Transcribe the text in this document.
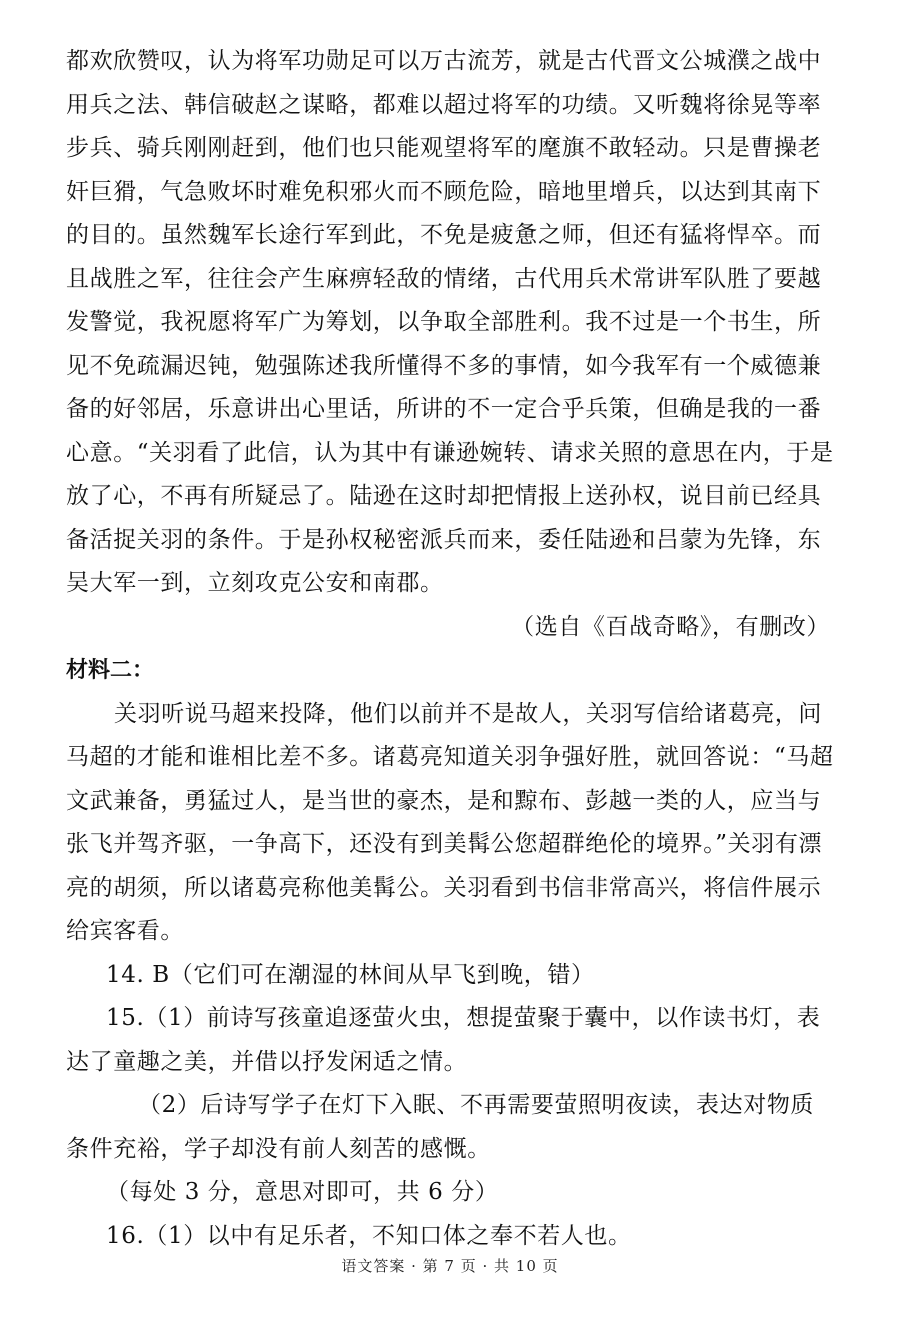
都欢欣赞叹，认为将军功勋足可以万古流芳，就是古代晋文公城濮之战中
用兵之法、韩信破赵之谋略，都难以超过将军的功绩。又听魏将徐晃等率
步兵、骑兵刚刚赶到，他们也只能观望将军的麾旗不敢轻动。只是曹操老
奸巨猾，气急败坏时难免积邪火而不顾危险，暗地里增兵，以达到其南下
的目的。虽然魏军长途行军到此，不免是疲惫之师，但还有猛将悍卒。而
且战胜之军，往往会产生麻痹轻敌的情绪，古代用兵术常讲军队胜了要越
发警觉，我祝愿将军广为筹划，以争取全部胜利。我不过是一个书生，所
见不免疏漏迟钝，勉强陈述我所懂得不多的事情，如今我军有一个威德兼
备的好邻居，乐意讲出心里话，所讲的不一定合乎兵策，但确是我的一番
心意。“关羽看了此信，认为其中有谦逊婉转、请求关照的意思在内，于是
放了心，不再有所疑忌了。陆逊在这时却把情报上送孙权，说目前已经具
备活捉关羽的条件。于是孙权秘密派兵而来，委任陆逊和吕蒙为先锋，东
吴大军一到，立刻攻克公安和南郡。
（选自《百战奇略》，有删改）
材料二：
关羽听说马超来投降，他们以前并不是故人，关羽写信给诸葛亮，问
马超的才能和谁相比差不多。诸葛亮知道关羽争强好胜，就回答说：“马超
文武兼备，勇猛过人，是当世的豪杰，是和黥布、彭越一类的人，应当与
张飞并驾齐驱，一争高下，还没有到美髯公您超群绝伦的境界。”关羽有漂
亮的胡须，所以诸葛亮称他美髯公。关羽看到书信非常高兴，将信件展示
给宾客看。
14. B（它们可在潮湿的林间从早飞到晚，错）
15.（1）前诗写孩童追逐萤火虫，想提萤聚于囊中，以作读书灯，表
达了童趣之美，并借以抒发闲适之情。
（2）后诗写学子在灯下入眠、不再需要萤照明夜读，表达对物质
条件充裕，学子却没有前人刻苦的感慨。
（每处 3 分，意思对即可，共 6 分）
16.（1）以中有足乐者，不知口体之奉不若人也。
语文答案 · 第 7 页 · 共 10 页
